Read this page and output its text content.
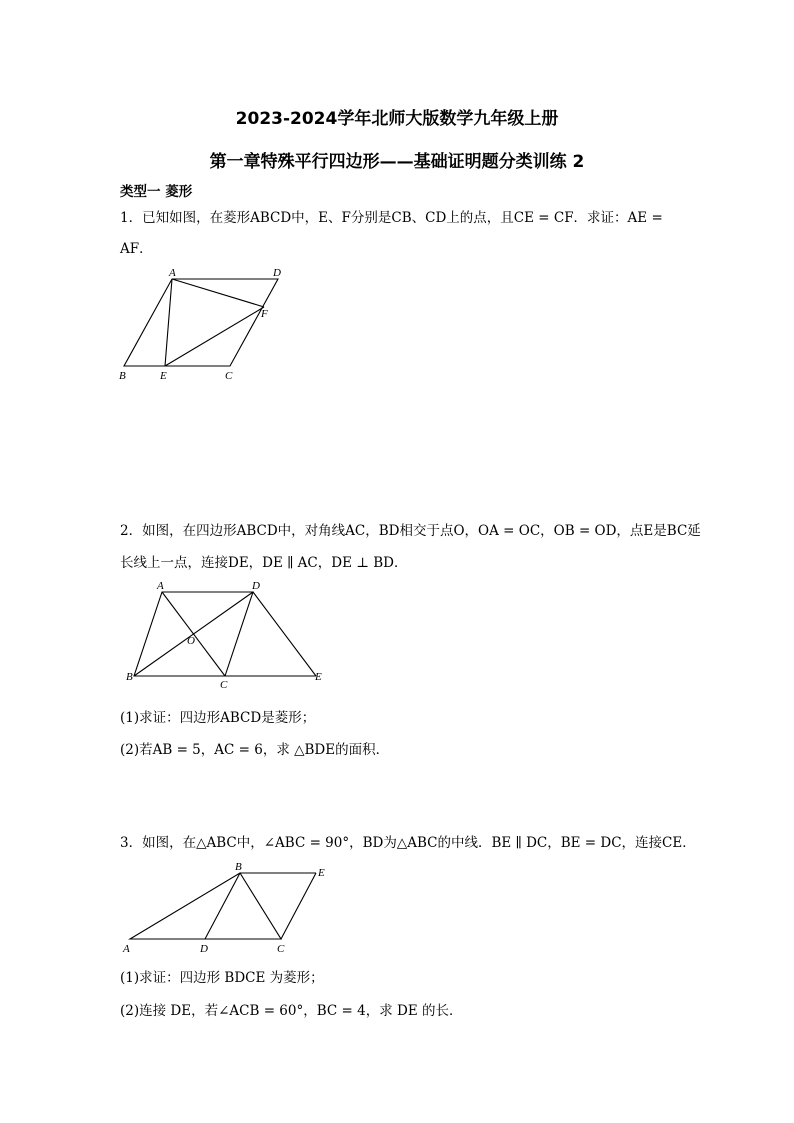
2023-2024学年北师大版数学九年级上册
第一章特殊平行四边形——基础证明题分类训练 2
类型一 菱形
1．已知如图，在菱形ABCD中，E、F分别是CB、CD上的点，且CE = CF．求证：AE =
AF．
A	D
F
B	E	C
2．如图，在四边形ABCD中，对角线AC，BD相交于点O，OA = OC，OB = OD，点E是BC延
长线上一点，连接DE，DE ∥ AC，DE ⊥ BD．
A	D
O
B
C
E
(1)求证：四边形ABCD是菱形；
(2)若AB = 5，AC = 6，求 △BDE的面积．
3．如图，在△ABC中，∠ABC = 90°，BD为△ABC的中线．BE ∥ DC，BE = DC，连接CE．
B	E
A	D	C
(1)求证：四边形 BDCE 为菱形；
(2)连接 DE，若∠ACB = 60°，BC = 4，求 DE 的长．
